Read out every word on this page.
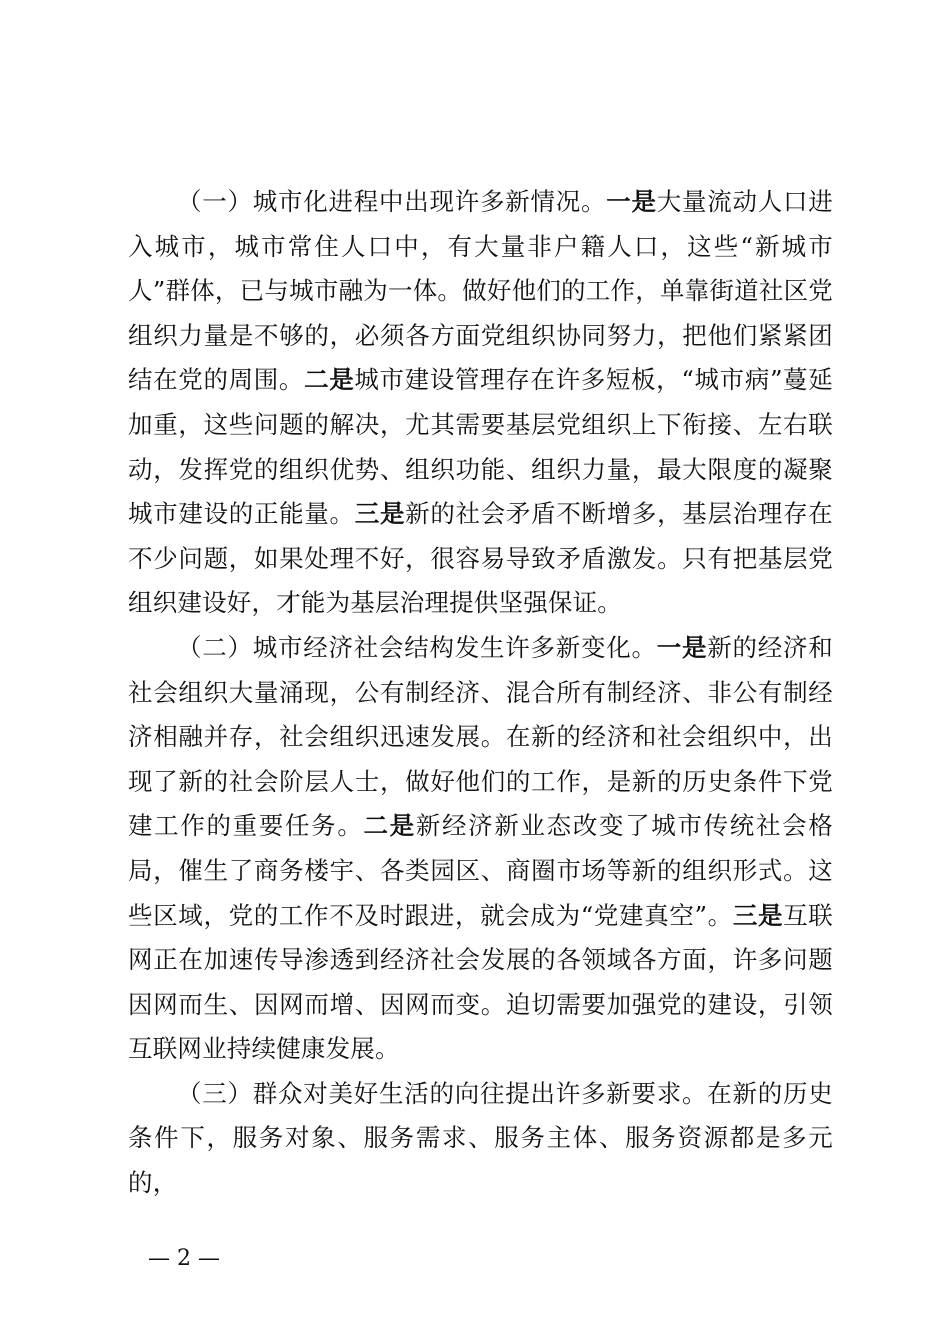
（一）城市化进程中出现许多新情况。一是大量流动人口进入城市，城市常住人口中，有大量非户籍人口，这些“新城市人”群体，已与城市融为一体。做好他们的工作，单靠街道社区党组织力量是不够的，必须各方面党组织协同努力，把他们紧紧团结在党的周围。二是城市建设管理存在许多短板，“城市病”蔓延加重，这些问题的解决，尤其需要基层党组织上下衔接、左右联动，发挥党的组织优势、组织功能、组织力量，最大限度的凝聚城市建设的正能量。三是新的社会矛盾不断增多，基层治理存在不少问题，如果处理不好，很容易导致矛盾激发。只有把基层党组织建设好，才能为基层治理提供坚强保证。

（二）城市经济社会结构发生许多新变化。一是新的经济和社会组织大量涌现，公有制经济、混合所有制经济、非公有制经济相融并存，社会组织迅速发展。在新的经济和社会组织中，出现了新的社会阶层人士，做好他们的工作，是新的历史条件下党建工作的重要任务。二是新经济新业态改变了城市传统社会格局，催生了商务楼宇、各类园区、商圈市场等新的组织形式。这些区域，党的工作不及时跟进，就会成为“党建真空”。三是互联网正在加速传导渗透到经济社会发展的各领域各方面，许多问题因网而生、因网而增、因网而变。迫切需要加强党的建设，引领互联网业持续健康发展。

（三）群众对美好生活的向往提出许多新要求。在新的历史条件下，服务对象、服务需求、服务主体、服务资源都是多元的，

— 2 —
